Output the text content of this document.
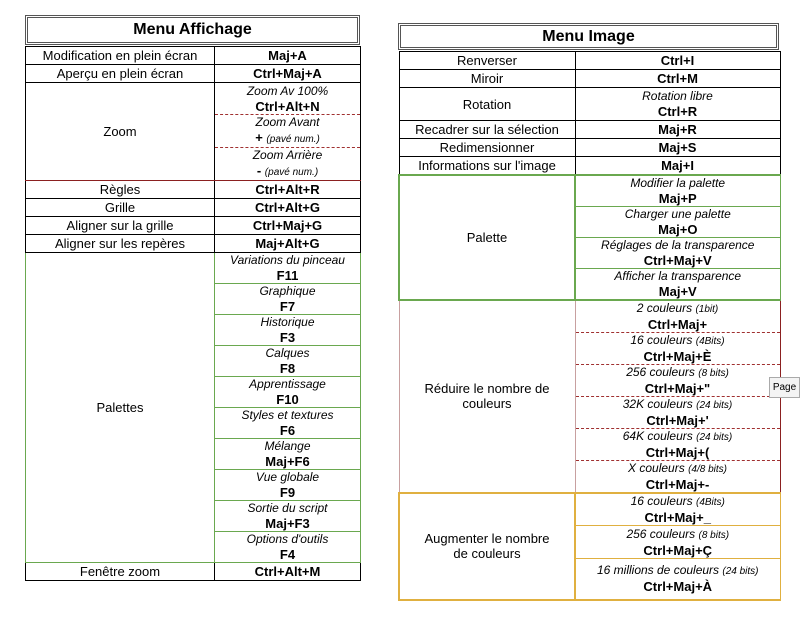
Menu Affichage
Modification en plein écran	Maj+A
Aperçu en plein écran	Ctrl+Maj+A
Zoom	Zoom Av 100%
Ctrl+Alt+N

	Zoom Avant
+ (pavé num.)

	Zoom Arrière
- (pavé num.)
Règles	Ctrl+Alt+R
Grille	Ctrl+Alt+G
Aligner sur la grille	Ctrl+Maj+G
Aligner sur les repères	Maj+Alt+G
Palettes	Variations du pinceau
F11

	Graphique
F7

	Historique
F3

	Calques
F8

	Apprentissage
F10

	Styles et textures
F6

	Mélange
Maj+F6

	Vue globale
F9

	Sortie du script
Maj+F3

	Options d'outils
F4

Fenêtre zoom	Ctrl+Alt+M
Menu Image
Renverser	Ctrl+I
Miroir	Ctrl+M
Rotation	Rotation libre
Ctrl+R

Recadrer sur la sélection	Maj+R
Redimensionner	Maj+S
Informations sur l'image	Maj+I
Palette	Modifier la palette
Maj+P

	Charger une palette
Maj+O

	Réglages de la transparence
Ctrl+Maj+V

	Afficher la transparence
Maj+V

Réduire le nombre de couleurs	2 couleurs (1bit)
Ctrl+Maj+

	16 couleurs (4Bits)
Ctrl+Maj+È

	256 couleurs (8 bits)
Ctrl+Maj+"

	32K couleurs (24 bits)
Ctrl+Maj+'

	64K couleurs (24 bits)
Ctrl+Maj+(

	X couleurs (4/8 bits)
Ctrl+Maj+-

Augmenter le nombre de couleurs	16 couleurs (4Bits)
Ctrl+Maj+_

	256 couleurs (8 bits)
Ctrl+Maj+Ç

	16 millions de couleurs (24 bits)
Ctrl+Maj+À
Page
